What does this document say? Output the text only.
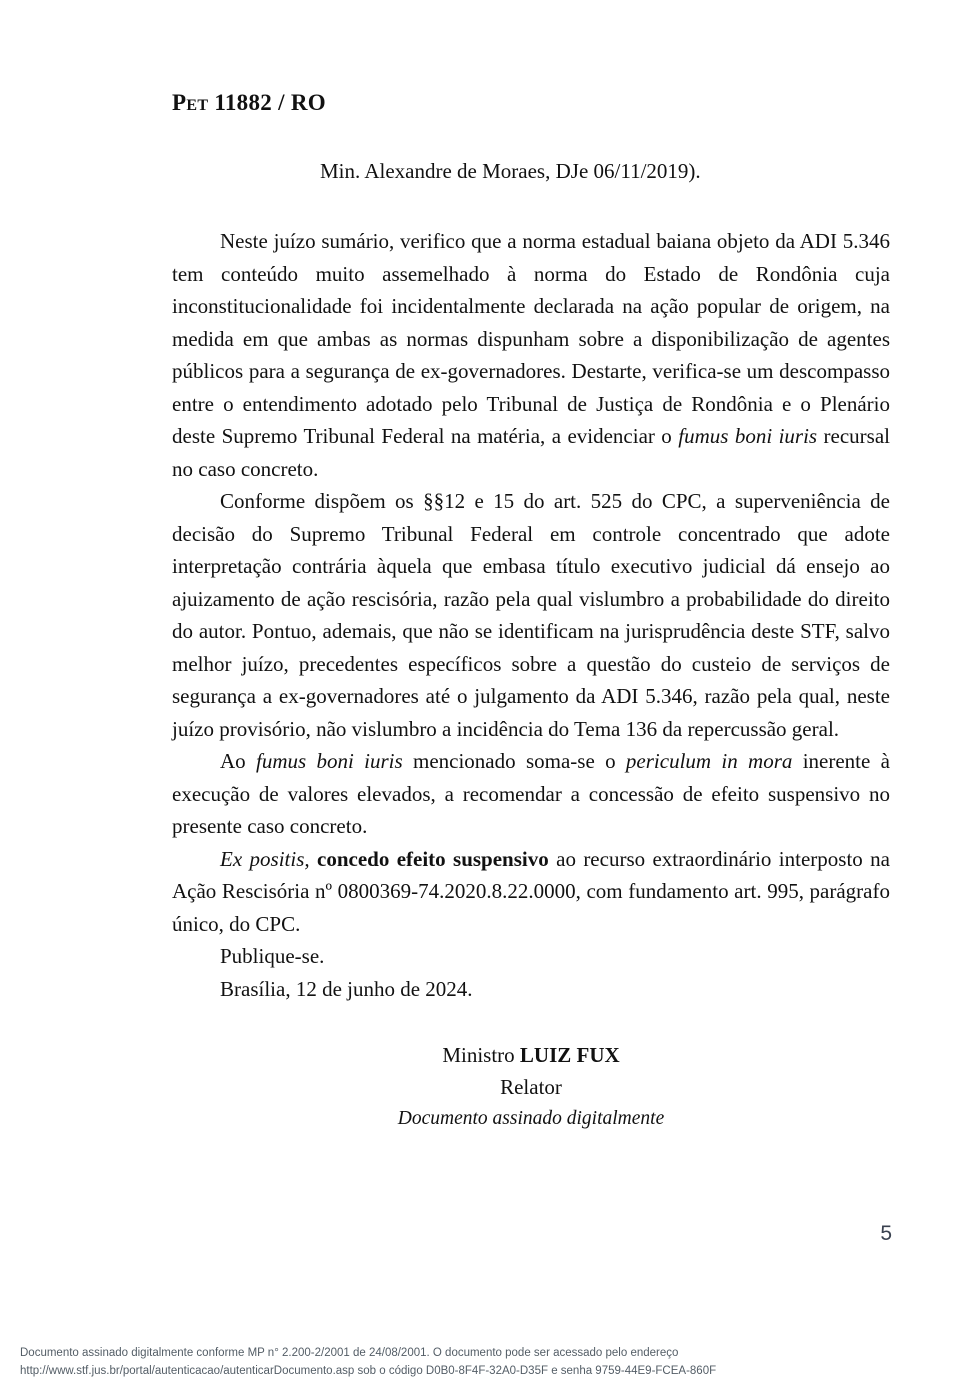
Pet 11882 / RO
Min. Alexandre de Moraes, DJe 06/11/2019).

Neste juízo sumário, verifico que a norma estadual baiana objeto da ADI 5.346 tem conteúdo muito assemelhado à norma do Estado de Rondônia cuja inconstitucionalidade foi incidentalmente declarada na ação popular de origem, na medida em que ambas as normas dispunham sobre a disponibilização de agentes públicos para a segurança de ex-governadores. Destarte, verifica-se um descompasso entre o entendimento adotado pelo Tribunal de Justiça de Rondônia e o Plenário deste Supremo Tribunal Federal na matéria, a evidenciar o fumus boni iuris recursal no caso concreto.

Conforme dispõem os §§12 e 15 do art. 525 do CPC, a superveniência de decisão do Supremo Tribunal Federal em controle concentrado que adote interpretação contrária àquela que embasa título executivo judicial dá ensejo ao ajuizamento de ação rescisória, razão pela qual vislumbro a probabilidade do direito do autor. Pontuo, ademais, que não se identificam na jurisprudência deste STF, salvo melhor juízo, precedentes específicos sobre a questão do custeio de serviços de segurança a ex-governadores até o julgamento da ADI 5.346, razão pela qual, neste juízo provisório, não vislumbro a incidência do Tema 136 da repercussão geral.

Ao fumus boni iuris mencionado soma-se o periculum in mora inerente à execução de valores elevados, a recomendar a concessão de efeito suspensivo no presente caso concreto.

Ex positis, concedo efeito suspensivo ao recurso extraordinário interposto na Ação Rescisória nº 0800369-74.2020.8.22.0000, com fundamento art. 995, parágrafo único, do CPC.

Publique-se.

Brasília, 12 de junho de 2024.

Ministro LUIZ FUX
Relator
Documento assinado digitalmente
5
Documento assinado digitalmente conforme MP n° 2.200-2/2001 de 24/08/2001. O documento pode ser acessado pelo endereço
http://www.stf.jus.br/portal/autenticacao/autenticarDocumento.asp sob o código D0B0-8F4F-32A0-D35F e senha 9759-44E9-FCEA-860F
